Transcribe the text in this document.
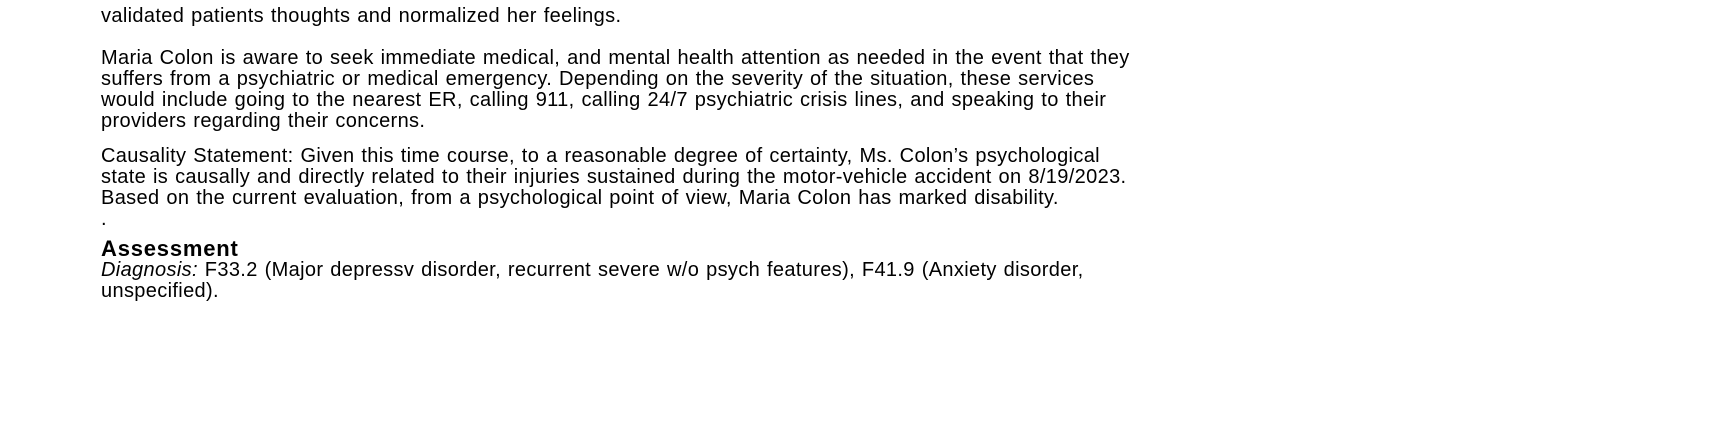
validated patients thoughts and normalized her feelings.
Maria Colon is aware to seek immediate medical, and mental health attention as needed in the event that they
suffers from a psychiatric or medical emergency. Depending on the severity of the situation, these services
would include going to the nearest ER, calling 911, calling 24/7 psychiatric crisis lines, and speaking to their
providers regarding their concerns.
Causality Statement: Given this time course, to a reasonable degree of certainty, Ms. Colon’s psychological
state is causally and directly related to their injuries sustained during the motor-vehicle accident on 8/19/2023.
Based on the current evaluation, from a psychological point of view, Maria Colon has marked disability.
.
Assessment
Diagnosis: F33.2 (Major depressv disorder, recurrent severe w/o psych features), F41.9 (Anxiety disorder,
unspecified).
